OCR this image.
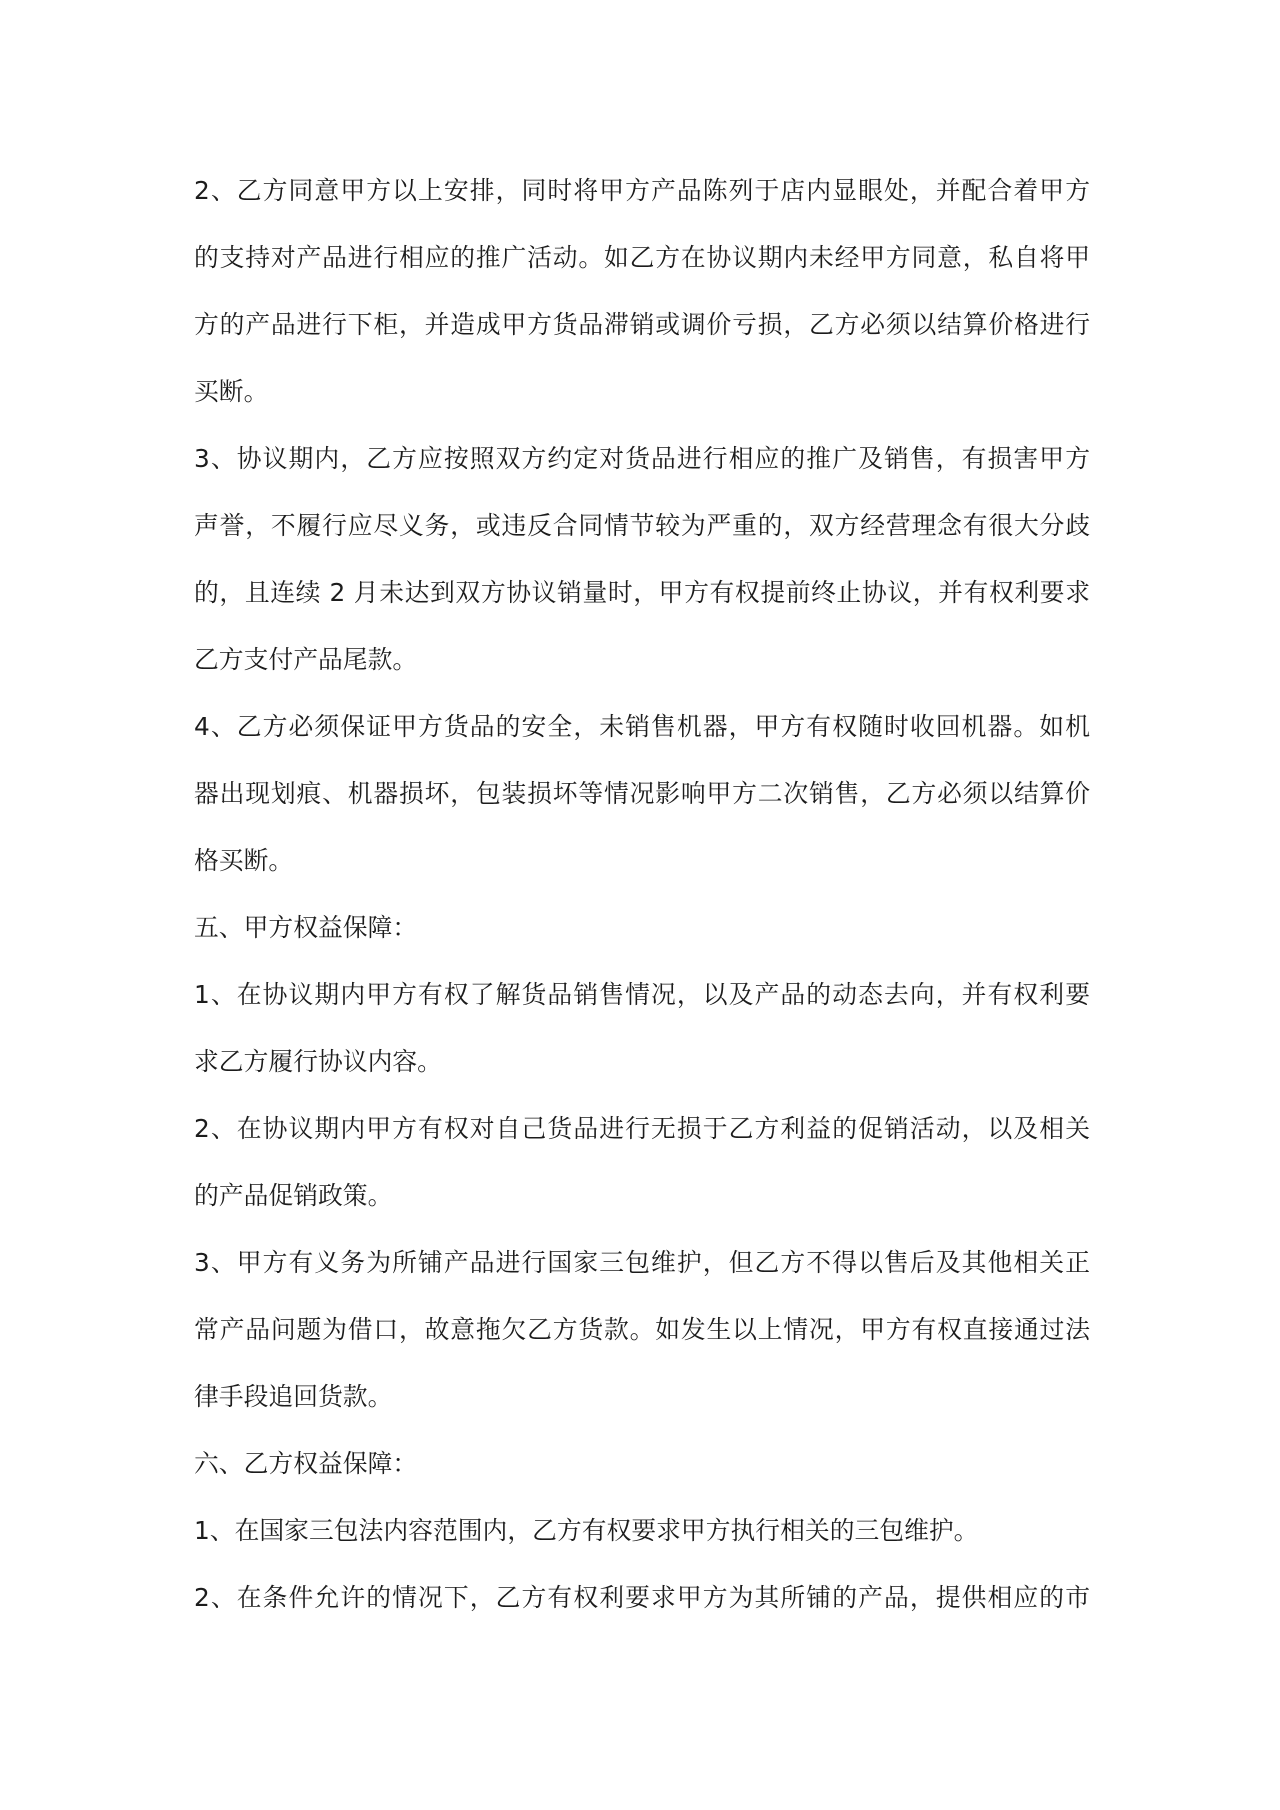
2、乙方同意甲方以上安排，同时将甲方产品陈列于店内显眼处，并配合着甲方
的支持对产品进行相应的推广活动。如乙方在协议期内未经甲方同意，私自将甲
方的产品进行下柜，并造成甲方货品滞销或调价亏损，乙方必须以结算价格进行
买断。
3、协议期内，乙方应按照双方约定对货品进行相应的推广及销售，有损害甲方
声誉，不履行应尽义务，或违反合同情节较为严重的，双方经营理念有很大分歧
的，且连续 2 月未达到双方协议销量时，甲方有权提前终止协议，并有权利要求
乙方支付产品尾款。
4、乙方必须保证甲方货品的安全，未销售机器，甲方有权随时收回机器。如机
器出现划痕、机器损坏，包装损坏等情况影响甲方二次销售，乙方必须以结算价
格买断。
五、甲方权益保障：
1、在协议期内甲方有权了解货品销售情况，以及产品的动态去向，并有权利要
求乙方履行协议内容。
2、在协议期内甲方有权对自己货品进行无损于乙方利益的促销活动，以及相关
的产品促销政策。
3、甲方有义务为所铺产品进行国家三包维护，但乙方不得以售后及其他相关正
常产品问题为借口，故意拖欠乙方货款。如发生以上情况，甲方有权直接通过法
律手段追回货款。
六、乙方权益保障：
1、在国家三包法内容范围内，乙方有权要求甲方执行相关的三包维护。
2、在条件允许的情况下，乙方有权利要求甲方为其所铺的产品，提供相应的市
